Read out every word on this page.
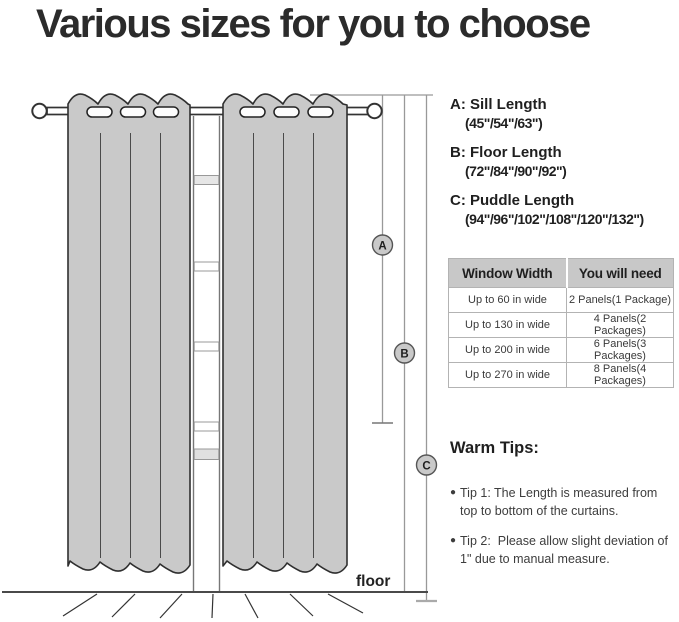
Various sizes for you to choose
floor
A
B
C
A: Sill Length
(45"/54"/63")
B: Floor Length
(72"/84"/90"/92")
C: Puddle Length
(94"/96"/102"/108"/120"/132")
Window Width	You will need
Up to 60 in wide	2 Panels(1 Package)
Up to 130 in wide	4 Panels(2 Packages)
Up to 200 in wide	6 Panels(3 Packages)
Up to 270 in wide	8 Panels(4 Packages)
Warm Tips:
● Tip 1: The Length is measured from
top to bottom of the curtains.
● Tip 2:  Please allow slight deviation of
1" due to manual measure.
